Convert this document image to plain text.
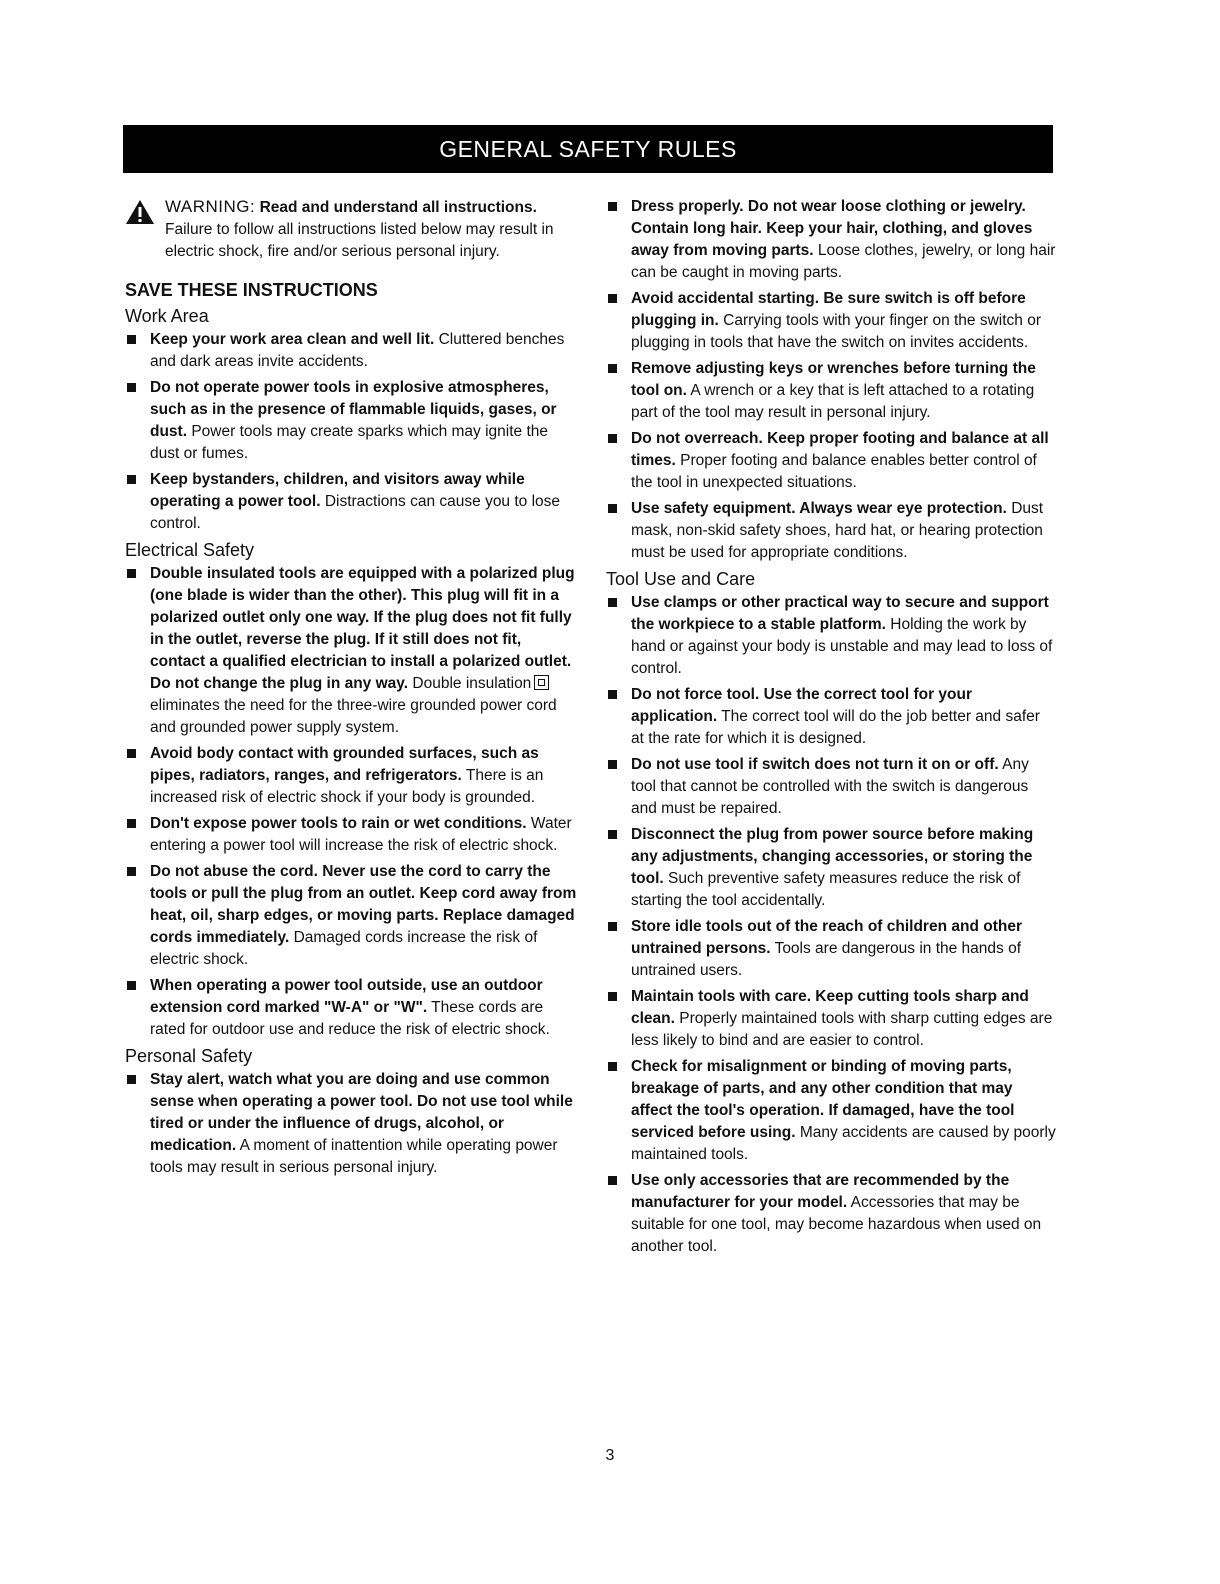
GENERAL SAFETY RULES
WARNING: Read and understand all instructions. Failure to follow all instructions listed below may result in electric shock, fire and/or serious personal injury.
SAVE THESE INSTRUCTIONS
Work Area
Keep your work area clean and well lit. Cluttered benches and dark areas invite accidents.
Do not operate power tools in explosive atmospheres, such as in the presence of flammable liquids, gases, or dust. Power tools may create sparks which may ignite the dust or fumes.
Keep bystanders, children, and visitors away while operating a power tool. Distractions can cause you to lose control.
Electrical Safety
Double insulated tools are equipped with a polarized plug (one blade is wider than the other). This plug will fit in a polarized outlet only one way. If the plug does not fit fully in the outlet, reverse the plug. If it still does not fit, contact a qualified electrician to install a polarized outlet. Do not change the plug in any way. Double insulationeliminates the need for the three-wire grounded power cord and grounded power supply system.
Avoid body contact with grounded surfaces, such as pipes, radiators, ranges, and refrigerators. There is an increased risk of electric shock if your body is grounded.
Don't expose power tools to rain or wet conditions. Water entering a power tool will increase the risk of electric shock.
Do not abuse the cord. Never use the cord to carry the tools or pull the plug from an outlet. Keep cord away from heat, oil, sharp edges, or moving parts. Replace damaged cords immediately. Damaged cords increase the risk of electric shock.
When operating a power tool outside, use an outdoor extension cord marked "W-A" or "W". These cords are rated for outdoor use and reduce the risk of electric shock.
Personal Safety
Stay alert, watch what you are doing and use common sense when operating a power tool. Do not use tool while tired or under the influence of drugs, alcohol, or medication. A moment of inattention while operating power tools may result in serious personal injury.
Dress properly. Do not wear loose clothing or jewelry. Contain long hair. Keep your hair, clothing, and gloves away from moving parts. Loose clothes, jewelry, or long hair can be caught in moving parts.
Avoid accidental starting. Be sure switch is off before plugging in. Carrying tools with your finger on the switch or plugging in tools that have the switch on invites accidents.
Remove adjusting keys or wrenches before turning the tool on. A wrench or a key that is left attached to a rotating part of the tool may result in personal injury.
Do not overreach. Keep proper footing and balance at all times. Proper footing and balance enables better control of the tool in unexpected situations.
Use safety equipment. Always wear eye protection. Dust mask, non-skid safety shoes, hard hat, or hearing protection must be used for appropriate conditions.
Tool Use and Care
Use clamps or other practical way to secure and support the workpiece to a stable platform. Holding the work by hand or against your body is unstable and may lead to loss of control.
Do not force tool. Use the correct tool for your application. The correct tool will do the job better and safer at the rate for which it is designed.
Do not use tool if switch does not turn it on or off. Any tool that cannot be controlled with the switch is dangerous and must be repaired.
Disconnect the plug from power source before making any adjustments, changing accessories, or storing the tool. Such preventive safety measures reduce the risk of starting the tool accidentally.
Store idle tools out of the reach of children and other untrained persons. Tools are dangerous in the hands of untrained users.
Maintain tools with care. Keep cutting tools sharp and clean. Properly maintained tools with sharp cutting edges are less likely to bind and are easier to control.
Check for misalignment or binding of moving parts, breakage of parts, and any other condition that may affect the tool's operation. If damaged, have the tool serviced before using. Many accidents are caused by poorly maintained tools.
Use only accessories that are recommended by the manufacturer for your model. Accessories that may be suitable for one tool, may become hazardous when used on another tool.
3
